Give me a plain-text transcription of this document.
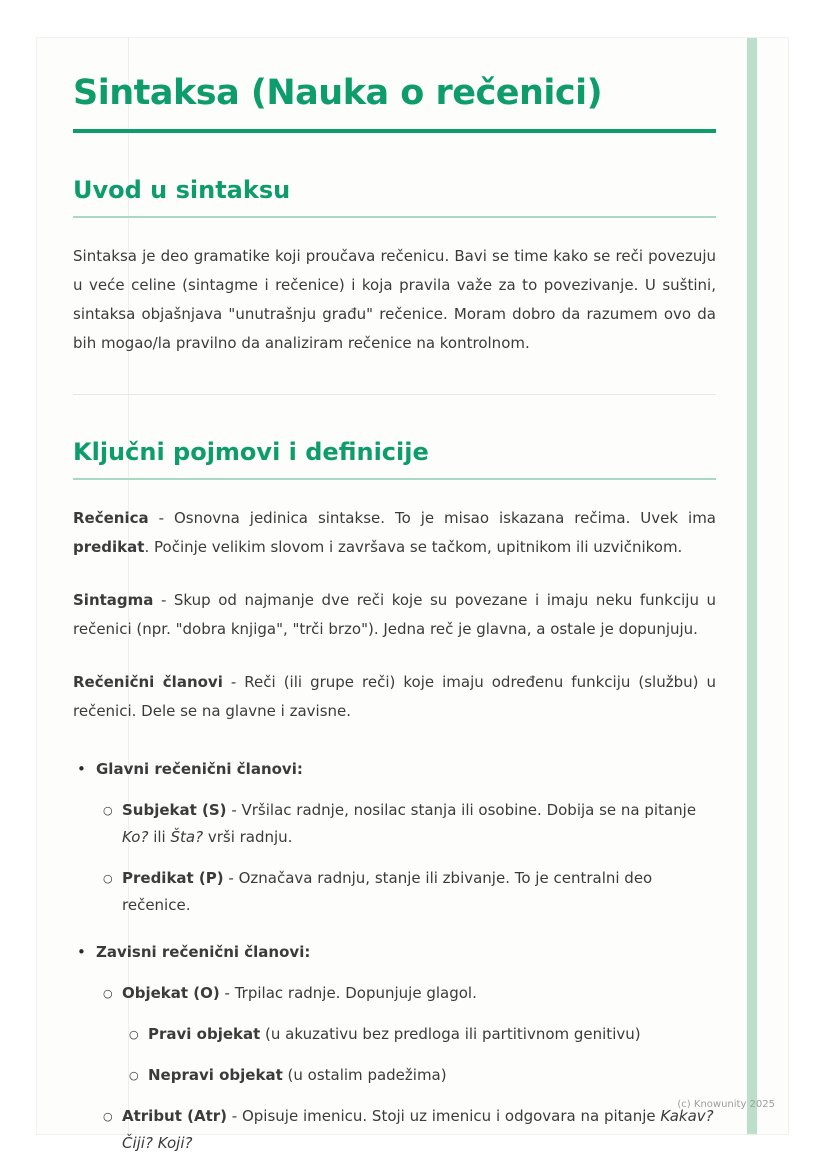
Sintaksa (Nauka o rečenici)
Uvod u sintaksu

Sintaksa je deo gramatike koji proučava rečenicu. Bavi se time kako se reči povezuju u veće celine (sintagme i rečenice) i koja pravila važe za to povezivanje. U suštini, sintaksa objašnjava "unutrašnju građu" rečenice. Moram dobro da razumem ovo da bih mogao/la pravilno da analiziram rečenice na kontrolnom.

Ključni pojmovi i definicije

Rečenica - Osnovna jedinica sintakse. To je misao iskazana rečima. Uvek ima predikat. Počinje velikim slovom i završava se tačkom, upitnikom ili uzvičnikom.

Sintagma - Skup od najmanje dve reči koje su povezane i imaju neku funkciju u rečenici (npr. "dobra knjiga", "trči brzo"). Jedna reč je glavna, a ostale je dopunjuju.

Rečenični članovi - Reči (ili grupe reči) koje imaju određenu funkciju (službu) u rečenici. Dele se na glavne i zavisne.

• Glavni rečenični članovi:
○ Subjekat (S) - Vršilac radnje, nosilac stanja ili osobine. Dobija se na pitanje Ko? ili Šta? vrši radnju.
○ Predikat (P) - Označava radnju, stanje ili zbivanje. To je centralni deo rečenice.
• Zavisni rečenični članovi:
○ Objekat (O) - Trpilac radnje. Dopunjuje glagol.
○ Pravi objekat (u akuzativu bez predloga ili partitivnom genitivu)
○ Nepravi objekat (u ostalim padežima)
○ Atribut (Atr) - Opisuje imenicu. Stoji uz imenicu i odgovara na pitanje Kakav? Čiji? Koji?
(c) Knowunity 2025
